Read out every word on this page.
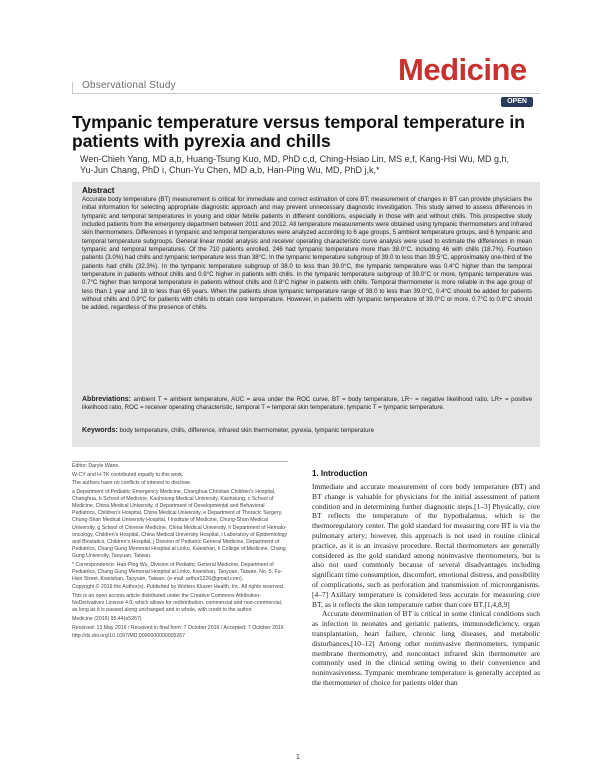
Observational Study	Medicine
OPEN
Tympanic temperature versus temporal temperature in patients with pyrexia and chills
Wen-Chieh Yang, MD a,b, Huang-Tsung Kuo, MD, PhD c,d, Ching-Hsiao Lin, MS e,f, Kang-Hsi Wu, MD g,h, Yu-Jun Chang, PhD i, Chun-Yu Chen, MD a,b, Han-Ping Wu, MD, PhD j,k,*
Abstract
Accurate body temperature (BT) measurement is critical for immediate and correct estimation of core BT; measurement of changes in BT can provide physicians the initial information for selecting appropriate diagnostic approach and may prevent unnecessary diagnostic investigation. This study aimed to assess differences in tympanic and temporal temperatures in young and older febrile patients in different conditions, especially in those with and without chills. This prospective study included patients from the emergency department between 2011 and 2012. All temperature measurements were obtained using tympanic thermometers and infrared skin thermometers. Differences in tympanic and temporal temperatures were analyzed according to 6 age groups, 5 ambient temperature groups, and 6 tympanic and temporal temperature subgroups. General linear model analysis and receiver operating characteristic curve analysis were used to estimate the differences in mean tympanic and temporal temperatures. Of the 710 patients enrolled, 246 had tympanic temperature more than 38.0°C, including 46 with chills (18.7%). Fourteen patients (3.0%) had chills and tympanic temperature less than 38°C. In the tympanic temperature subgroup of 39.0 to less than 39.5°C, approximately one-third of the patients had chills (32.3%). In the tympanic temperature subgroup of 38.0 to less than 39.0°C, the tympanic temperature was 0.4°C higher than the temporal temperature in patients without chills and 0.9°C higher in patients with chills. In the tympanic temperature subgroup of 39.0°C or more, tympanic temperature was 0.7°C higher than temporal temperature in patients without chills and 0.8°C higher in patients with chills. Temporal thermometer is more reliable in the age group of less than 1 year and 18 to less than 65 years. When the patients show tympanic temperature range of 38.0 to less than 39.0°C, 0.4°C should be added for patients without chills and 0.9°C for patients with chills to obtain core temperature. However, in patients with tympanic temperature of 39.0°C or more, 0.7°C to 0.8°C should be added, regardless of the presence of chills.
Abbreviations: ambient T = ambient temperature, AUC = area under the ROC curve, BT = body temperature, LR− = negative likelihood ratio, LR+ = positive likelihood ratio, ROC = receiver operating characteristic, temporal T = temporal skin temperature, tympanic T = tympanic temperature.
Keywords: body temperature, chills, difference, infrared skin thermometer, pyrexia, tympanic temperature

Editor: Daryle Wane.

W-CY and H-TK contributed equally to this work.

The authors have no conflicts of interest to disclose.

a Department of Pediatric Emergency Medicine, Changhua Christian Children's Hospital, Changhua, b School of Medicine, Kaohsiung Medical University, Kaohsiung, c School of Medicine, China Medical University, d Department of Developmental and Behavioral Pediatrics, Children's Hospital, China Medical University, e Department of Thoracic Surgery, Chung-Shan Medical University Hospital, f Institute of Medicine, Chung-Shan Medical University, g School of Chinese Medicine, China Medical University, h Department of Hemato-oncology, Children's Hospital, China Medical University Hospital, i Laboratory of Epidemiology and Biostatics, Children's Hospital, j Division of Pediatric General Medicine, Department of Pediatrics, Chang Gung Memorial Hospital at Linko, Kweishan, k College of Medicine, Chang Gung University, Taoyuan, Taiwan.

* Correspondence: Han-Ping Wu, Division of Pediatric General Medicine, Department of Pediatrics, Chang Gung Memorial Hospital at Linko, Kweishan, Taoyuan, Taiwan, No. 5, Fu-Hsin Street, Kweishan, Taoyuan, Taiwan, (e-mail: arthur1226@gmail.com).

Copyright © 2016 the Author(s). Published by Wolters Kluwer Health, Inc. All rights reserved.

This is an open access article distributed under the Creative Commons Attribution-NoDerivatives License 4.0, which allows for redistribution, commercial and non-commercial, as long as it is passed along unchanged and in whole, with credit to the author.

Medicine (2016) 95:44(e5267)

Received: 13 May 2016 / Received in final form: 7 October 2016 / Accepted: 7 October 2016

http://dx.doi.org/10.1097/MD.0000000000005267

1. Introduction

Immediate and accurate measurement of core body temperature (BT) and BT change is valuable for physicians for the initial assessment of patient condition and in determining further diagnostic steps.[1–3] Physically, core BT reflects the temperature of the hypothalamus, which is the thermoregulatory center. The gold standard for measuring core BT is via the pulmonary artery; however, this approach is not used in routine clinical practice, as it is an invasive procedure. Rectal thermometers are generally considered as the gold standard among noninvasive thermometers, but is also not used commonly because of several disadvantages including significant time consumption, discomfort, emotional distress, and possibility of complications, such as perforation and transmission of microorganisms.[4–7] Axillary temperature is considered less accurate for measuring core BT, as it reflects the skin temperature rather than core BT.[1,4,8,9]

Accurate determination of BT is critical in some clinical conditions such as infection in neonates and geriatric patients, immunodeficiency, organ transplantation, heart failure, chronic lung diseases, and metabolic disturbances.[10–12] Among other noninvasive thermometers, tympanic membrane thermometry, and noncontact infrared skin thermometer are commonly used in the clinical setting owing to their convenience and noninvasiveness. Tympanic membrane temperature is generally accepted as the thermometer of choice for patients older than

1
